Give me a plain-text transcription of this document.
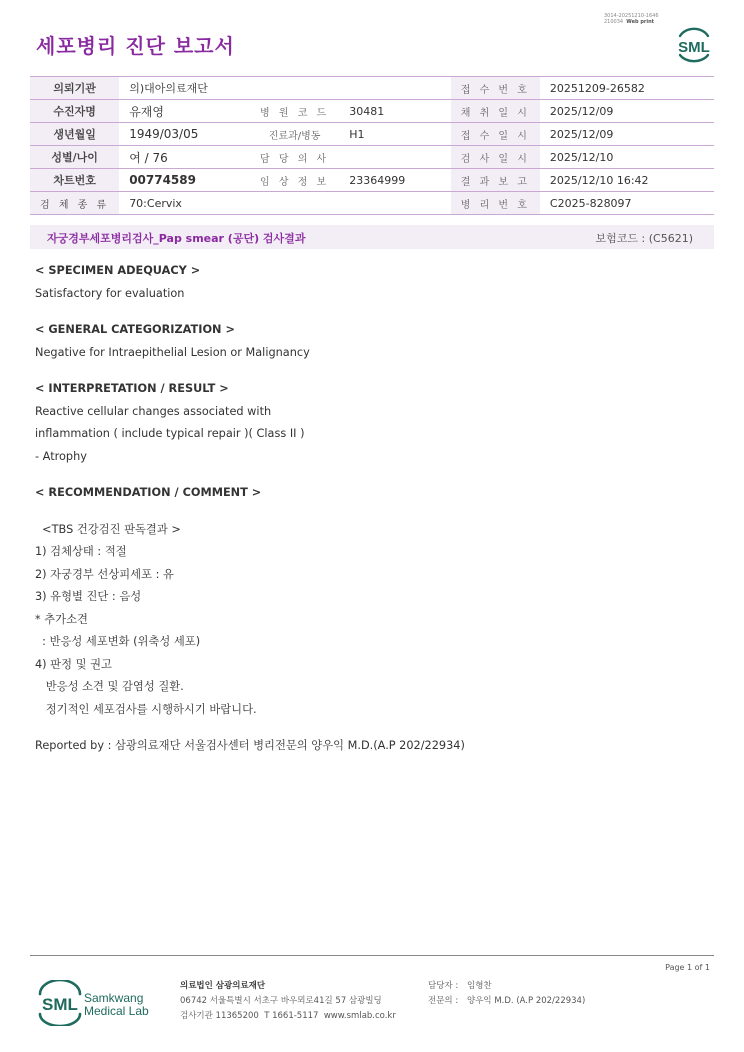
3014-20251210-1646
210034 Web print
세포병리 진단 보고서	SML
의뢰기관	의)대아의료재단			접 수 번 호	20251209-26582
수진자명	유재영	병 원 코 드	30481	채 취 일 시	2025/12/09
생년월일	1949/03/05	진료과/병동	H1	접 수 일 시	2025/12/09
성별/나이	여 / 76	담 당 의 사		검 사 일 시	2025/12/10
차트번호	00774589	임 상 정 보	23364999	결 과 보 고	2025/12/10 16:42
검 체 종 류	70:Cervix			병 리 번 호	C2025-828097
자궁경부세포병리검사_Pap smear (공단) 검사결과	보험코드 : (C5621)
< SPECIMEN ADEQUACY >
Satisfactory for evaluation
< GENERAL CATEGORIZATION >
Negative for Intraepithelial Lesion or Malignancy
< INTERPRETATION / RESULT >
Reactive cellular changes associated with
inflammation ( include typical repair )( Class II )
- Atrophy
< RECOMMENDATION / COMMENT >
<TBS 건강검진 판독결과 >
1) 검체상태 : 적절
2) 자궁경부 선상피세포 : 유
3) 유형별 진단 : 음성
* 추가소견
: 반응성 세포변화 (위축성 세포)
4) 판정 및 권고
반응성 소견 및 감염성 질환.
정기적인 세포검사를 시행하시기 바랍니다.
Reported by : 삼광의료재단 서울검사센터 병리전문의 양우익 M.D.(A.P 202/22934)
Page 1 of 1
SML Samkwang
Medical Lab
의료법인 삼광의료재단
06742 서울특별시 서초구 바우뫼로41길 57 삼광빌딩
검사기관 11365200  T 1661-5117  www.smlab.co.kr
담당자 :
전문의 :
임형찬
양우익 M.D. (A.P 202/22934)
